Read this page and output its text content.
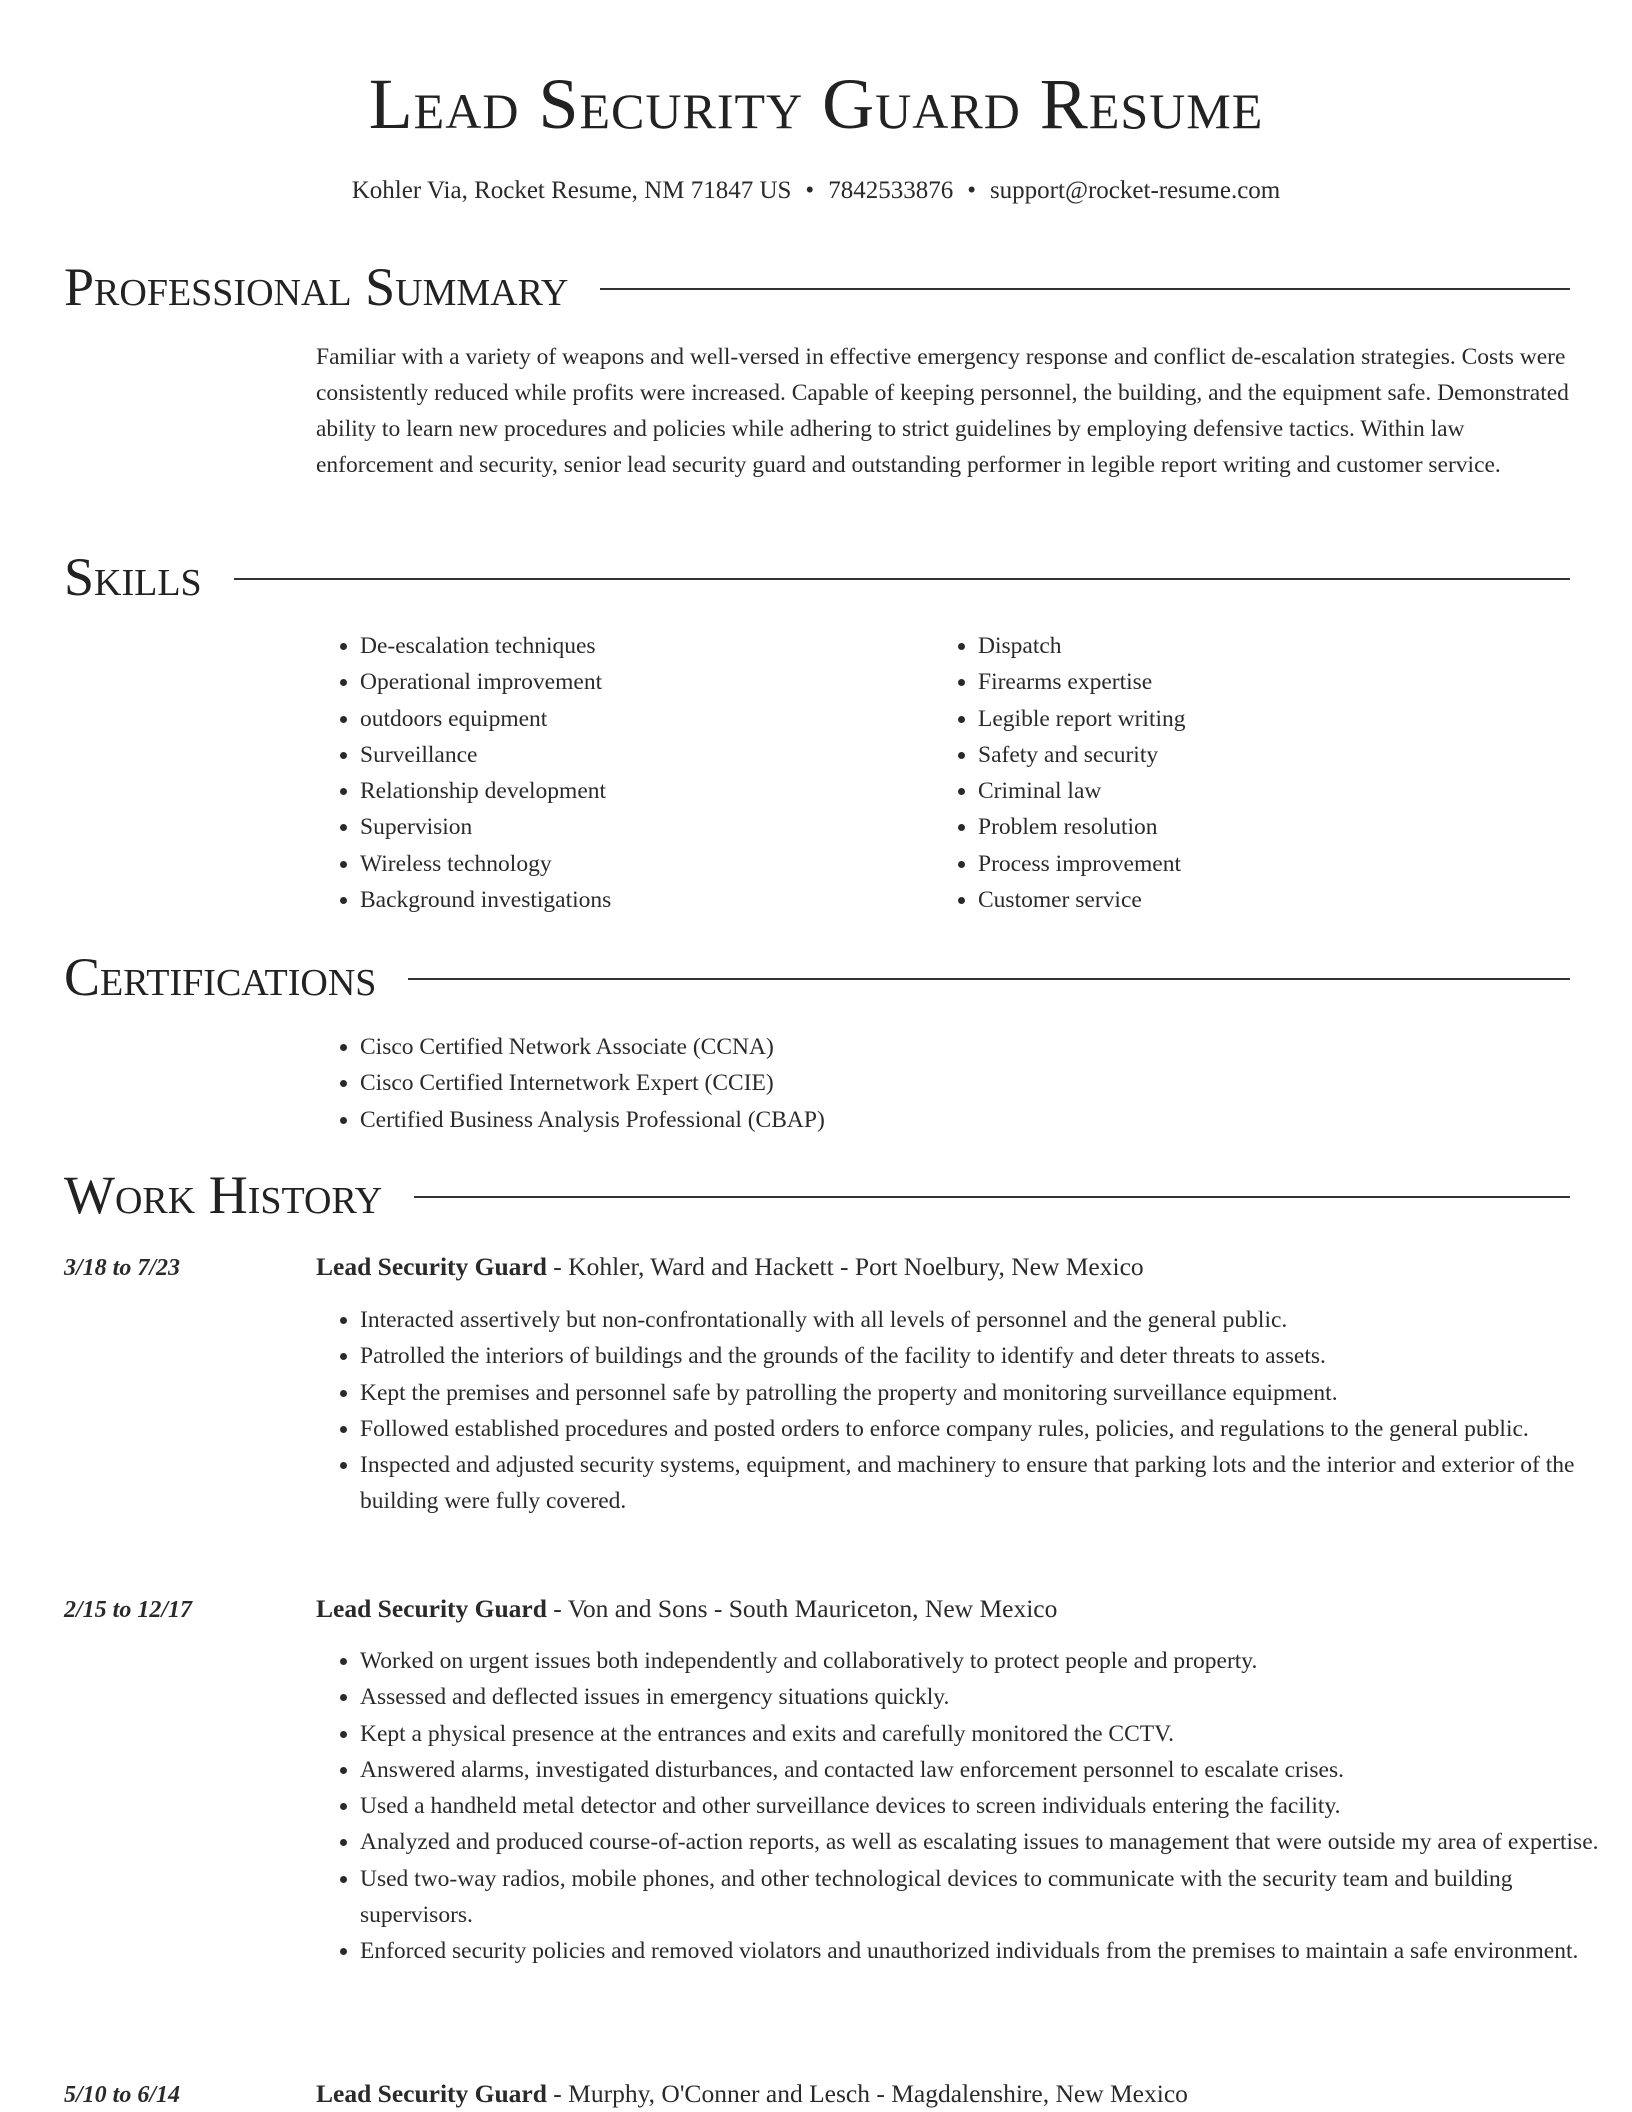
Lead Security Guard Resume
Kohler Via, Rocket Resume, NM 71847 US • 7842533876 • support@rocket-resume.com
Professional Summary

Familiar with a variety of weapons and well-versed in effective emergency response and conflict de-escalation strategies. Costs were consistently reduced while profits were increased. Capable of keeping personnel, the building, and the equipment safe. Demonstrated ability to learn new procedures and policies while adhering to strict guidelines by employing defensive tactics. Within law enforcement and security, senior lead security guard and outstanding performer in legible report writing and customer service.

Skills
• De-escalation techniques
• Operational improvement
• outdoors equipment
• Surveillance
• Relationship development
• Supervision
• Wireless technology
• Background investigations
• Dispatch
• Firearms expertise
• Legible report writing
• Safety and security
• Criminal law
• Problem resolution
• Process improvement
• Customer service
Certifications
• Cisco Certified Network Associate (CCNA)
• Cisco Certified Internetwork Expert (CCIE)
• Certified Business Analysis Professional (CBAP)
Work History
3/18 to 7/23	Lead Security Guard - Kohler, Ward and Hackett - Port Noelbury, New Mexico
• Interacted assertively but non-confrontationally with all levels of personnel and the general public.
• Patrolled the interiors of buildings and the grounds of the facility to identify and deter threats to assets.
• Kept the premises and personnel safe by patrolling the property and monitoring surveillance equipment.
• Followed established procedures and posted orders to enforce company rules, policies, and regulations to the general public.
• Inspected and adjusted security systems, equipment, and machinery to ensure that parking lots and the interior and exterior of the building were fully covered.
2/15 to 12/17	Lead Security Guard - Von and Sons - South Mauriceton, New Mexico
• Worked on urgent issues both independently and collaboratively to protect people and property.
• Assessed and deflected issues in emergency situations quickly.
• Kept a physical presence at the entrances and exits and carefully monitored the CCTV.
• Answered alarms, investigated disturbances, and contacted law enforcement personnel to escalate crises.
• Used a handheld metal detector and other surveillance devices to screen individuals entering the facility.
• Analyzed and produced course-of-action reports, as well as escalating issues to management that were outside my area of expertise.
• Used two-way radios, mobile phones, and other technological devices to communicate with the security team and building supervisors.
• Enforced security policies and removed violators and unauthorized individuals from the premises to maintain a safe environment.
5/10 to 6/14	Lead Security Guard - Murphy, O'Conner and Lesch - Magdalenshire, New Mexico
